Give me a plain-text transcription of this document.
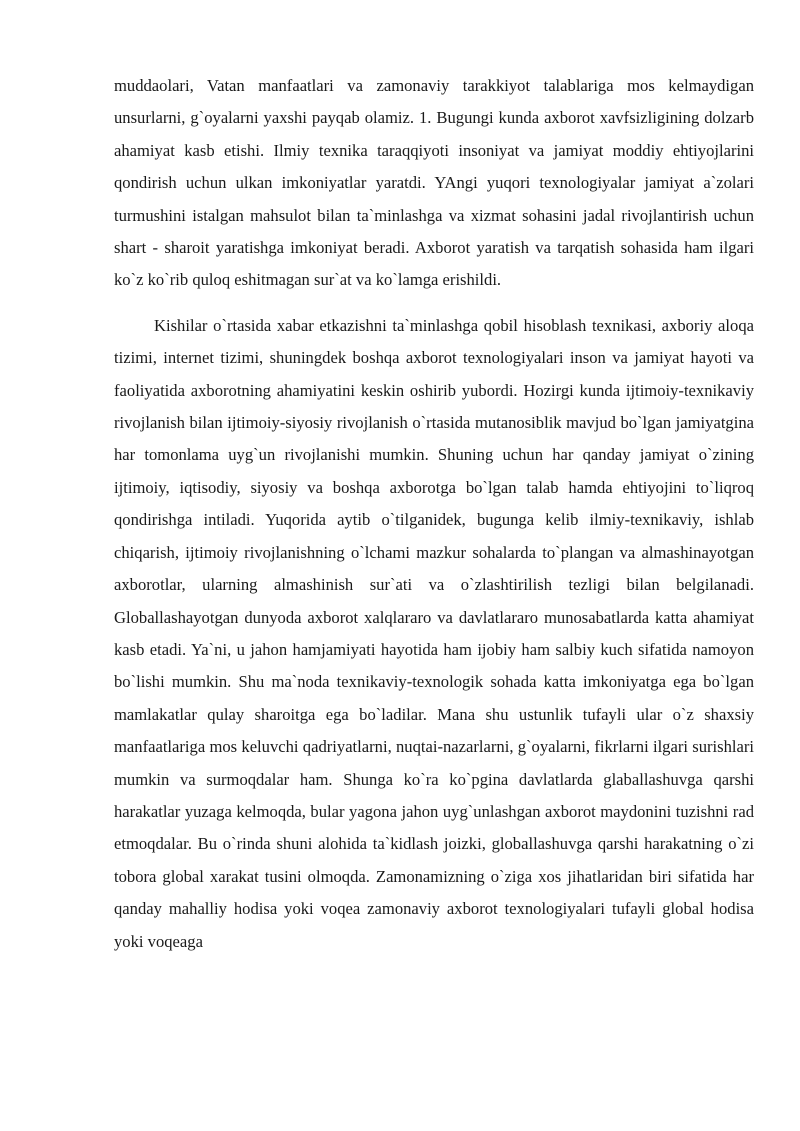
muddaolari, Vatan manfaatlari va zamonaviy tarakkiyot talablariga mos kelmaydigan unsurlarni, g`oyalarni yaxshi payqab olamiz. 1. Bugungi kunda axborot xavfsizligining dolzarb ahamiyat kasb etishi. Ilmiy texnika taraqqiyoti insoniyat va jamiyat moddiy ehtiyojlarini qondirish uchun ulkan imkoniyatlar yaratdi. YAngi yuqori texnologiyalar jamiyat a`zolari turmushini istalgan mahsulot bilan ta`minlashga va xizmat sohasini jadal rivojlantirish uchun shart - sharoit yaratishga imkoniyat beradi. Axborot yaratish va tarqatish sohasida ham ilgari ko`z ko`rib quloq eshitmagan sur`at va ko`lamga erishildi.

Kishilar o`rtasida xabar etkazishni ta`minlashga qobil hisoblash texnikasi, axboriy aloqa tizimi, internet tizimi, shuningdek boshqa axborot texnologiyalari inson va jamiyat hayoti va faoliyatida axborotning ahamiyatini keskin oshirib yubordi. Hozirgi kunda ijtimoiy-texnikaviy rivojlanish bilan ijtimoiy-siyosiy rivojlanish o`rtasida mutanosiblik mavjud bo`lgan jamiyatgina har tomonlama uyg`un rivojlanishi mumkin. Shuning uchun har qanday jamiyat o`zining ijtimoiy, iqtisodiy, siyosiy va boshqa axborotga bo`lgan talab hamda ehtiyojini to`liqroq qondirishga intiladi. Yuqorida aytib o`tilganidek, bugunga kelib ilmiy-texnikaviy, ishlab chiqarish, ijtimoiy rivojlanishning o`lchami mazkur sohalarda to`plangan va almashinayotgan axborotlar, ularning almashinish sur`ati va o`zlashtirilish tezligi bilan belgilanadi. Globallashayotgan dunyoda axborot xalqlararo va davlatlararo munosabatlarda katta ahamiyat kasb etadi. Ya`ni, u jahon hamjamiyati hayotida ham ijobiy ham salbiy kuch sifatida namoyon bo`lishi mumkin. Shu ma`noda texnikaviy-texnologik sohada katta imkoniyatga ega bo`lgan mamlakatlar qulay sharoitga ega bo`ladilar. Mana shu ustunlik tufayli ular o`z shaxsiy manfaatlariga mos keluvchi qadriyatlarni, nuqtai-nazarlarni, g`oyalarni, fikrlarni ilgari surishlari mumkin va surmoqdalar ham. Shunga ko`ra ko`pgina davlatlarda glaballashuvga qarshi harakatlar yuzaga kelmoqda, bular yagona jahon uyg`unlashgan axborot maydonini tuzishni rad etmoqdalar. Bu o`rinda shuni alohida ta`kidlash joizki, globallashuvga qarshi harakatning o`zi tobora global xarakat tusini olmoqda. Zamonamizning o`ziga xos jihatlaridan biri sifatida har qanday mahalliy hodisa yoki voqea zamonaviy axborot texnologiyalari tufayli global hodisa yoki voqeaga
